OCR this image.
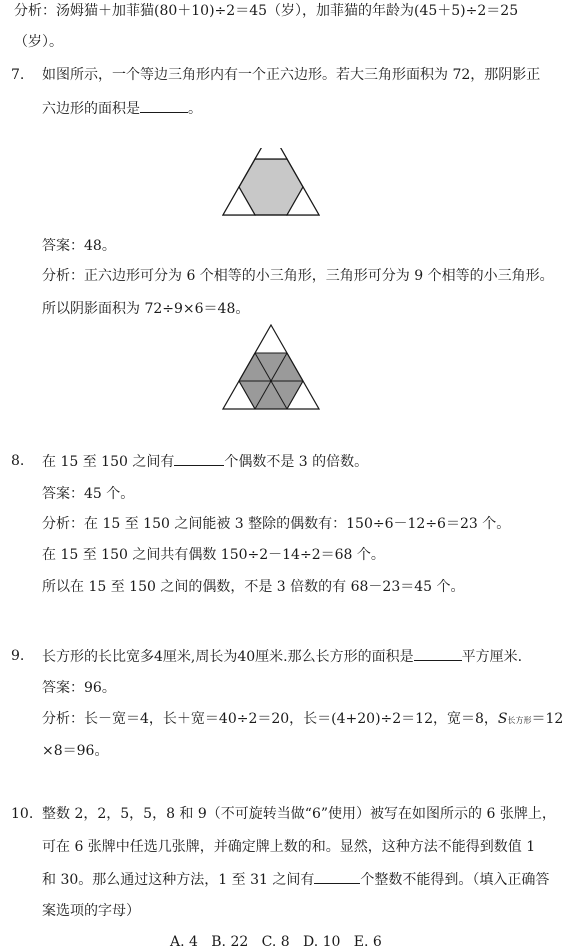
分析：汤姆猫＋加菲猫(80＋10)÷2＝45（岁），加菲猫的年龄为(45＋5)÷2＝25
（岁）。
7. 如图所示，一个等边三角形内有一个正六边形。若大三角形面积为 72，那阴影正
六边形的面积是	。
答案：48。
分析：正六边形可分为 6 个相等的小三角形，三角形可分为 9 个相等的小三角形。
所以阴影面积为 72÷9×6＝48。
8. 在 15 至 150 之间有	个偶数不是 3 的倍数。
答案：45 个。
分析：在 15 至 150 之间能被 3 整除的偶数有：150÷6－12÷6＝23 个。
在 15 至 150 之间共有偶数 150÷2－14÷2＝68 个。
所以在 15 至 150 之间的偶数，不是 3 倍数的有 68－23＝45 个。
9. 长方形的长比宽多4厘米,周长为40厘米.那么长方形的面积是	平方厘米.
答案：96。
分析：长－宽＝4，长＋宽＝40÷2＝20，长＝(4+20)÷2＝12，宽＝8，S长方形＝12
×8＝96。
10. 整数 2，2，5，5，8 和 9（不可旋转当做“6”使用）被写在如图所示的 6 张牌上，
可在 6 张牌中任选几张牌，并确定牌上数的和。显然，这种方法不能得到数值 1
和 30。那么通过这种方法，1 至 31 之间有	个整数不能得到。（填入正确答
案选项的字母）
A. 4   B. 22   C. 8   D. 10   E. 6
